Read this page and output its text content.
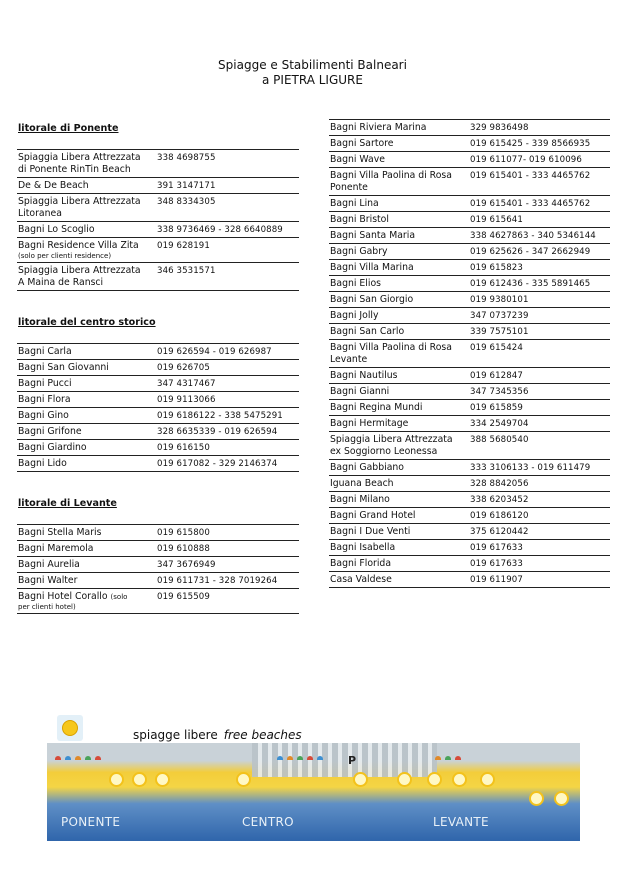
Spiagge e Stabilimenti Balneari
a PIETRA LIGURE
litorale di Ponente
Spiaggia Libera Attrezzata
di Ponente RinTin Beach
338 4698755
De & De Beach	391 3147171
Spiaggia Libera Attrezzata
Litoranea
348 8334305
Bagni Lo Scoglio	338 9736469 - 328 6640889
Bagni Residence Villa Zita
(solo per clienti residence)
019 628191
Spiaggia Libera Attrezzata
A Maina de Ransci
346 3531571
litorale del centro storico
Bagni Carla	019 626594 - 019 626987
Bagni San Giovanni	019 626705
Bagni Pucci	347 4317467
Bagni Flora	019 9113066
Bagni Gino	019 6186122 - 338 5475291
Bagni Grifone	328 6635339 - 019 626594
Bagni Giardino	019 616150
Bagni Lido	019 617082 - 329 2146374
litorale di Levante
Bagni Stella Maris	019 615800
Bagni Maremola	019 610888
Bagni Aurelia	347 3676949
Bagni Walter	019 611731 - 328 7019264
Bagni Hotel Corallo (solo
per clienti hotel)
019 615509
Bagni Riviera Marina	329 9836498
Bagni Sartore	019 615425 - 339 8566935
Bagni Wave	019 611077- 019 610096
Bagni Villa Paolina di Rosa
Ponente
019 615401 - 333 4465762
Bagni Lina	019 615401 - 333 4465762
Bagni Bristol	019 615641
Bagni Santa Maria	338 4627863 - 340 5346144
Bagni Gabry	019 625626 - 347 2662949
Bagni Villa Marina	019 615823
Bagni Elios	019 612436 - 335 5891465
Bagni San Giorgio	019 9380101
Bagni Jolly	347 0737239
Bagni San Carlo	339 7575101
Bagni Villa Paolina di Rosa
Levante
019 615424
Bagni Nautilus	019 612847
Bagni Gianni	347 7345356
Bagni Regina Mundi	019 615859
Bagni Hermitage	334 2549704
Spiaggia Libera Attrezzata
ex Soggiorno Leonessa
388 5680540
Bagni Gabbiano	333 3106133 - 019 611479
Iguana Beach	328 8842056
Bagni Milano	338 6203452
Bagni Grand Hotel	019 6186120
Bagni I Due Venti	375 6120442
Bagni Isabella	019 617633
Bagni Florida	019 617633
Casa Valdese	019 611907
spiagge libere free beaches
P
PONENTE	CENTRO	LEVANTE
